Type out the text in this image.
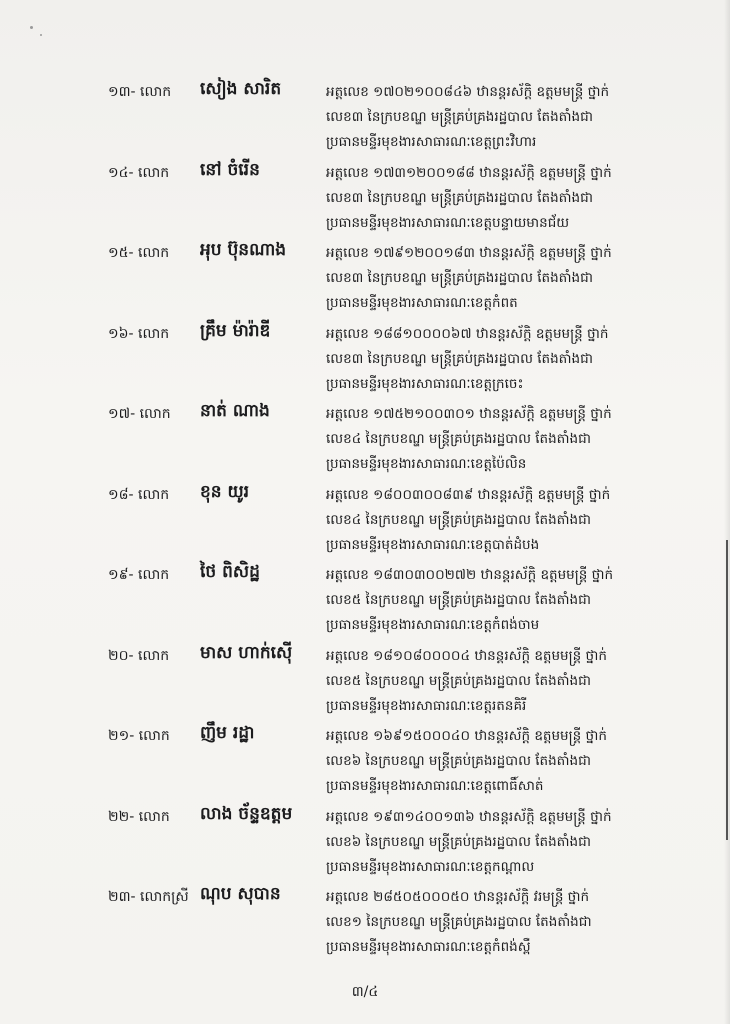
១៣- លោក	សៀង សារិត	អត្តលេខ ១៧០២១០០៨៤៦ ឋានន្តរស័ក្តិ ឧត្តមមន្ត្រី ថ្នាក់
លេខ៣ នៃក្របខណ្ឌ មន្ត្រីគ្រប់គ្រងរដ្ឋបាល តែងតាំងជា
ប្រធានមន្ទីរមុខងារសាធារណៈខេត្តព្រះវិហារ
១៤- លោក	នៅ ចំរើន	អត្តលេខ ១៧៣១២០០១៨៨ ឋានន្តរស័ក្តិ ឧត្តមមន្ត្រី ថ្នាក់
លេខ៣ នៃក្របខណ្ឌ មន្ត្រីគ្រប់គ្រងរដ្ឋបាល តែងតាំងជា
ប្រធានមន្ទីរមុខងារសាធារណៈខេត្តបន្ទាយមានជ័យ
១៥- លោក	អុប ប៊ុនណាង	អត្តលេខ ១៧៩១២០០១៨៣ ឋានន្តរស័ក្តិ ឧត្តមមន្ត្រី ថ្នាក់
លេខ៣ នៃក្របខណ្ឌ មន្ត្រីគ្រប់គ្រងរដ្ឋបាល តែងតាំងជា
ប្រធានមន្ទីរមុខងារសាធារណៈខេត្តកំពត
១៦- លោក	គ្រឹម ម៉ារ៉ាឌី	អត្តលេខ ១៨៨១០០០០៦៧ ឋានន្តរស័ក្តិ ឧត្តមមន្ត្រី ថ្នាក់
លេខ៣ នៃក្របខណ្ឌ មន្ត្រីគ្រប់គ្រងរដ្ឋបាល តែងតាំងជា
ប្រធានមន្ទីរមុខងារសាធារណៈខេត្តក្រចេះ
១៧- លោក	នាត់ ណាង	អត្តលេខ ១៧៥២១០០៣០១ ឋានន្តរស័ក្តិ ឧត្តមមន្ត្រី ថ្នាក់
លេខ៤ នៃក្របខណ្ឌ មន្ត្រីគ្រប់គ្រងរដ្ឋបាល តែងតាំងជា
ប្រធានមន្ទីរមុខងារសាធារណៈខេត្តប៉ៃលិន
១៨- លោក	ខុន យូរ	អត្តលេខ ១៨០០៣០០៨៣៩ ឋានន្តរស័ក្តិ ឧត្តមមន្ត្រី ថ្នាក់
លេខ៤ នៃក្របខណ្ឌ មន្ត្រីគ្រប់គ្រងរដ្ឋបាល តែងតាំងជា
ប្រធានមន្ទីរមុខងារសាធារណៈខេត្តបាត់ដំបង
១៩- លោក	ថៃ ពិសិដ្ឋ	អត្តលេខ ១៨៣០៣០០២៧២ ឋានន្តរស័ក្តិ ឧត្តមមន្ត្រី ថ្នាក់
លេខ៥ នៃក្របខណ្ឌ មន្ត្រីគ្រប់គ្រងរដ្ឋបាល តែងតាំងជា
ប្រធានមន្ទីរមុខងារសាធារណៈខេត្តកំពង់ចាម
២០- លោក	មាស ហាក់ស៊ើ	អត្តលេខ ១៨១០៨០០០០៤ ឋានន្តរស័ក្តិ ឧត្តមមន្ត្រី ថ្នាក់
លេខ៥ នៃក្របខណ្ឌ មន្ត្រីគ្រប់គ្រងរដ្ឋបាល តែងតាំងជា
ប្រធានមន្ទីរមុខងារសាធារណៈខេត្តរតនគិរី
២១- លោក	ញឹម រដ្ឋា	អត្តលេខ ១៦៩១៥០០០៤០ ឋានន្តរស័ក្តិ ឧត្តមមន្ត្រី ថ្នាក់
លេខ៦ នៃក្របខណ្ឌ មន្ត្រីគ្រប់គ្រងរដ្ឋបាល តែងតាំងជា
ប្រធានមន្ទីរមុខងារសាធារណៈខេត្តពោធិ៍សាត់
២២- លោក	លាង ច័ន្ទឧត្ដម	អត្តលេខ ១៩៣១៤០០១៣៦ ឋានន្តរស័ក្តិ ឧត្តមមន្ត្រី ថ្នាក់
លេខ៦ នៃក្របខណ្ឌ មន្ត្រីគ្រប់គ្រងរដ្ឋបាល តែងតាំងជា
ប្រធានមន្ទីរមុខងារសាធារណៈខេត្តកណ្ដាល
២៣- លោកស្រី ណុប សុបាន	អត្តលេខ ២៨៥០៥០០០៥០ ឋានន្តរស័ក្តិ វរមន្ត្រី ថ្នាក់
លេខ១ នៃក្របខណ្ឌ មន្ត្រីគ្រប់គ្រងរដ្ឋបាល តែងតាំងជា
ប្រធានមន្ទីរមុខងារសាធារណៈខេត្តកំពង់ស្ពឺ
៣/៤
